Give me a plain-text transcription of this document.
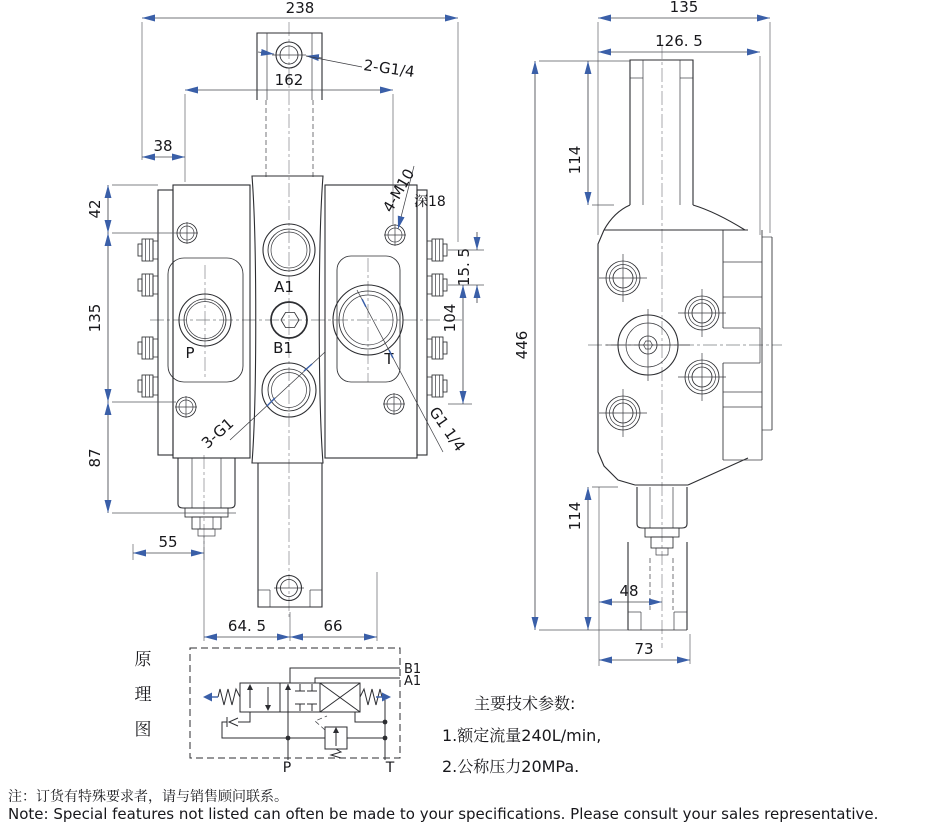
P
A1
B1
T
238
162
38
42
135
87
55
64. 5	66
15. 5
104
2-G1/4
4-M10
深18
3-G1	G1 1/4
135
126. 5
114
446
114
48
73
原
理
图
B1
A1
P	T
主要技术参数:
1.额定流量240L/min,
2.公称压力20MPa.
注：订货有特殊要求者，请与销售顾问联系。
Note: Special features not listed can often be made to your specifications. Please consult your sales representative.
